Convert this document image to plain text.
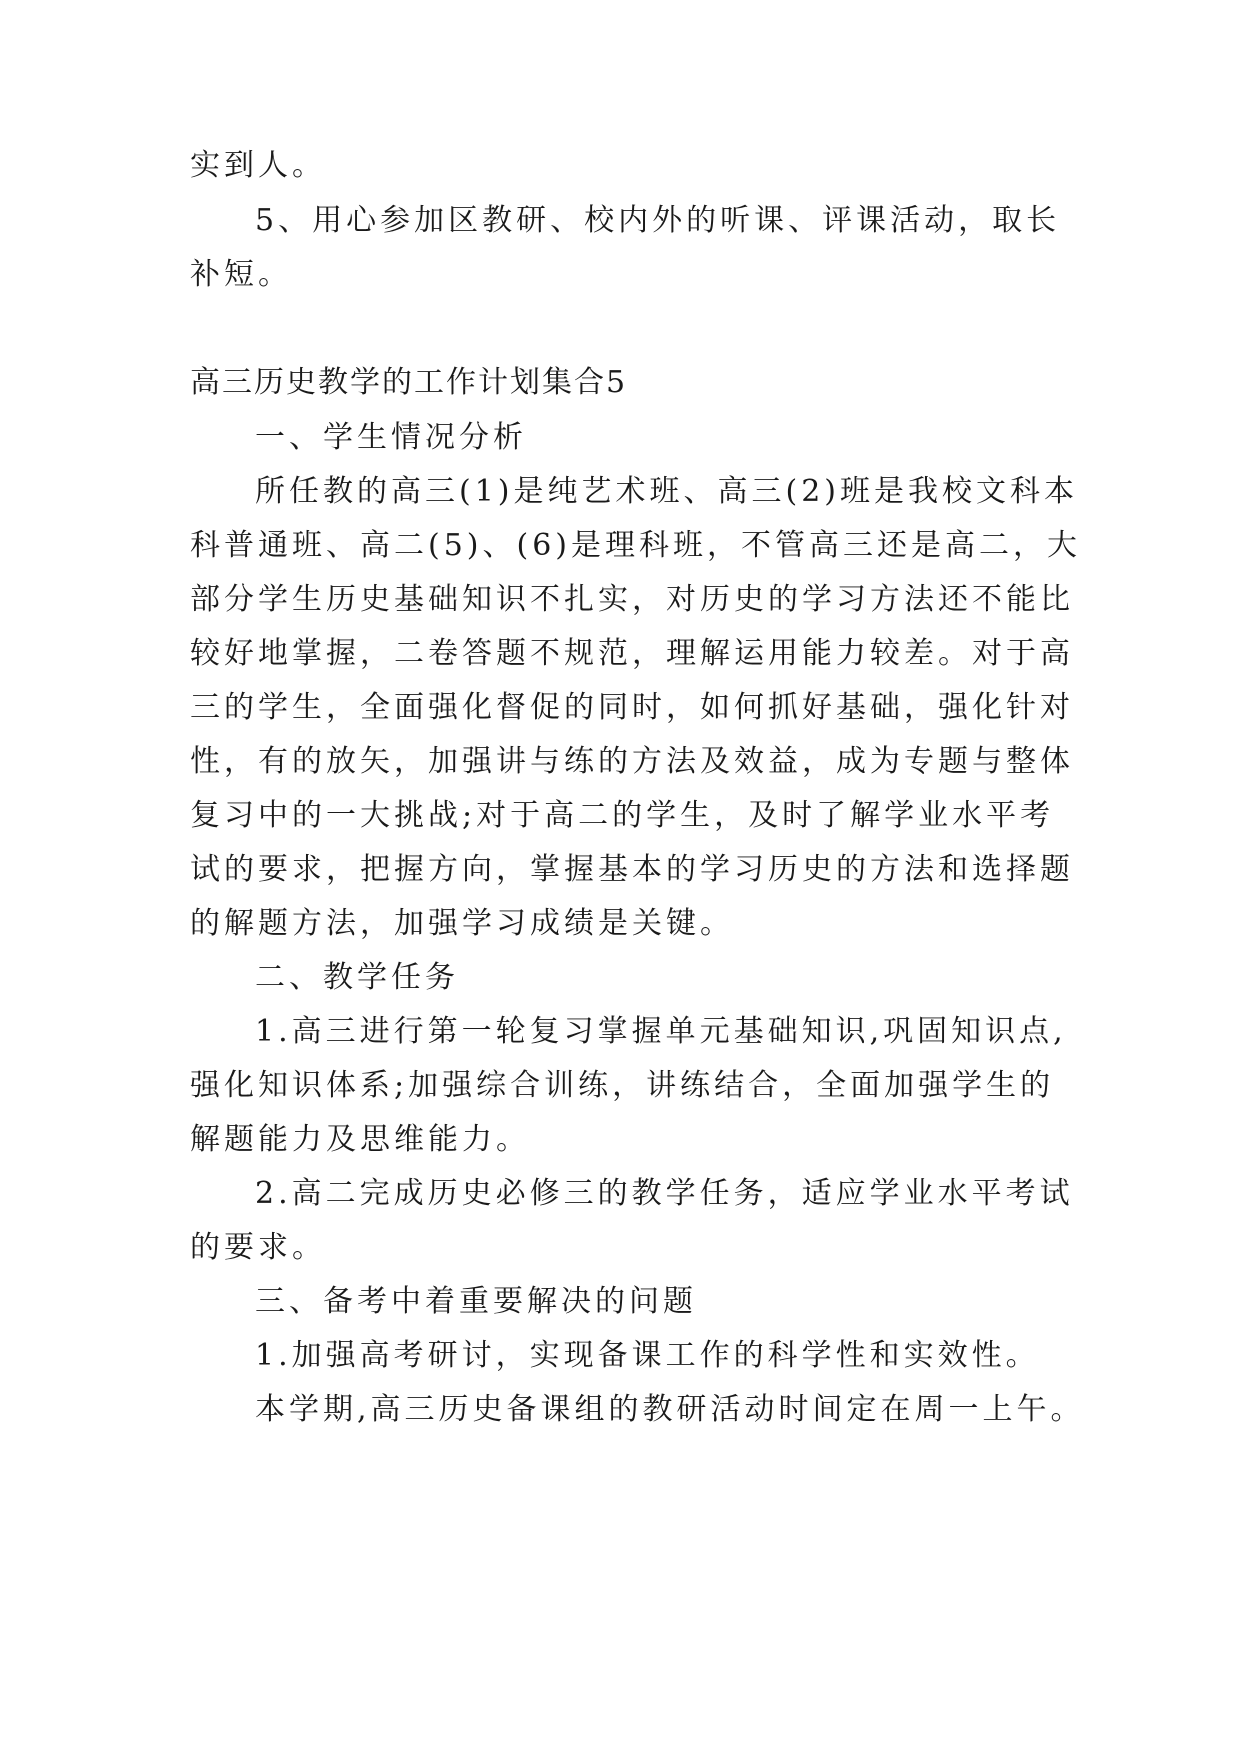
实到人。
5、用心参加区教研、校内外的听课、评课活动，取长
补短。
高三历史教学的工作计划集合5
一、学生情况分析
所任教的高三(1)是纯艺术班、高三(2)班是我校文科本
科普通班、高二(5)、(6)是理科班，不管高三还是高二，大
部分学生历史基础知识不扎实，对历史的学习方法还不能比
较好地掌握，二卷答题不规范，理解运用能力较差。对于高
三的学生，全面强化督促的同时，如何抓好基础，强化针对
性，有的放矢，加强讲与练的方法及效益，成为专题与整体
复习中的一大挑战;对于高二的学生，及时了解学业水平考
试的要求，把握方向，掌握基本的学习历史的方法和选择题
的解题方法，加强学习成绩是关键。
二、教学任务
1.高三进行第一轮复习掌握单元基础知识,巩固知识点,
强化知识体系;加强综合训练，讲练结合，全面加强学生的
解题能力及思维能力。
2.高二完成历史必修三的教学任务，适应学业水平考试
的要求。
三、备考中着重要解决的问题
1.加强高考研讨，实现备课工作的科学性和实效性。
本学期,高三历史备课组的教研活动时间定在周一上午。
